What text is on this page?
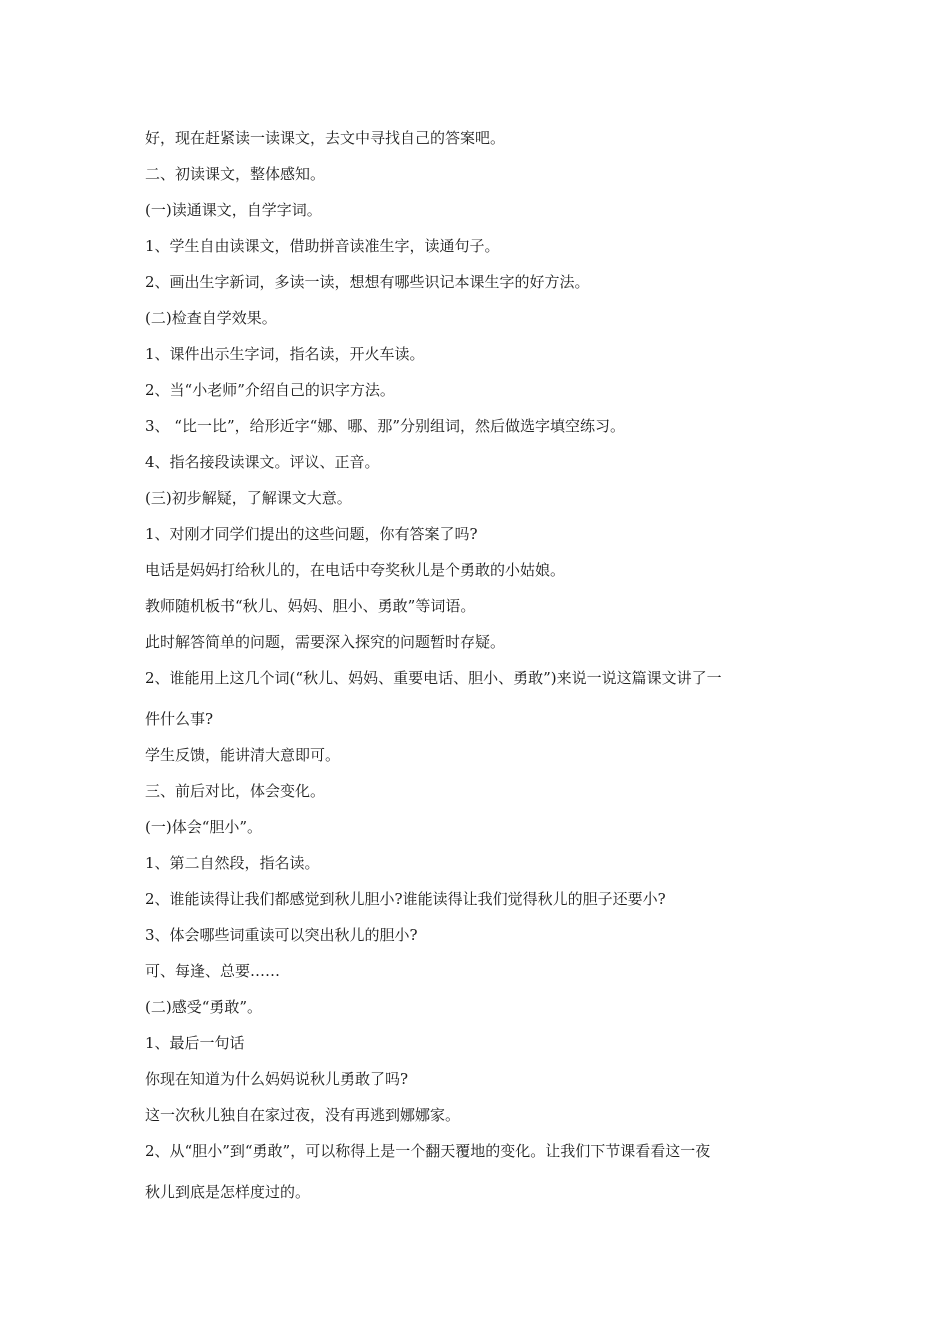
好，现在赶紧读一读课文，去文中寻找自己的答案吧。
二、初读课文，整体感知。
(一)读通课文，自学字词。
1、学生自由读课文，借助拼音读准生字，读通句子。
2、画出生字新词，多读一读，想想有哪些识记本课生字的好方法。
(二)检查自学效果。
1、课件出示生字词，指名读，开火车读。
2、当“小老师”介绍自己的识字方法。
3、 “比一比”，给形近字“娜、哪、那”分别组词，然后做选字填空练习。
4、指名接段读课文。评议、正音。
(三)初步解疑，了解课文大意。
1、对刚才同学们提出的这些问题，你有答案了吗?
电话是妈妈打给秋儿的，在电话中夸奖秋儿是个勇敢的小姑娘。
教师随机板书“秋儿、妈妈、胆小、勇敢”等词语。
此时解答简单的问题，需要深入探究的问题暂时存疑。
2、谁能用上这几个词(“秋儿、妈妈、重要电话、胆小、勇敢”)来说一说这篇课文讲了一
件什么事?
学生反馈，能讲清大意即可。
三、前后对比，体会变化。
(一)体会“胆小”。
1、第二自然段，指名读。
2、谁能读得让我们都感觉到秋儿胆小?谁能读得让我们觉得秋儿的胆子还要小?
3、体会哪些词重读可以突出秋儿的胆小?
可、每逢、总要……
(二)感受“勇敢”。
1、最后一句话
你现在知道为什么妈妈说秋儿勇敢了吗?
这一次秋儿独自在家过夜，没有再逃到娜娜家。
2、从“胆小”到“勇敢”，可以称得上是一个翻天覆地的变化。让我们下节课看看这一夜
秋儿到底是怎样度过的。
